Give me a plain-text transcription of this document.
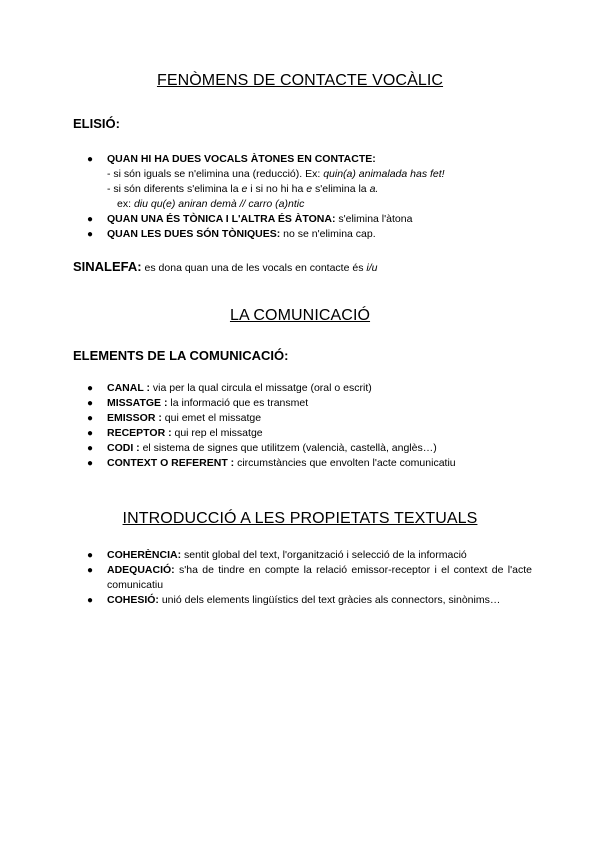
FENÒMENS DE CONTACTE VOCÀLIC
ELISIÓ:
● QUAN HI HA DUES VOCALS ÀTONES EN CONTACTE:
- si són iguals se n'elimina una (reducció). Ex: quin(a) animalada has fet!
- si són diferents s'elimina la e i si no hi ha e s'elimina la a.
ex: diu qu(e) aniran demà // carro (a)ntic
● QUAN UNA ÉS TÒNICA I L'ALTRA ÉS ÀTONA: s'elimina l'àtona
● QUAN LES DUES SÓN TÒNIQUES: no se n'elimina cap.
SINALEFA: es dona quan una de les vocals en contacte és i/u
LA COMUNICACIÓ
ELEMENTS DE LA COMUNICACIÓ:
● CANAL : via per la qual circula el missatge (oral o escrit)
● MISSATGE : la informació que es transmet
● EMISSOR : qui emet el missatge
● RECEPTOR : qui rep el missatge
● CODI : el sistema de signes que utilitzem (valencià, castellà, anglès…)
● CONTEXT O REFERENT : circumstàncies que envolten l'acte comunicatiu
INTRODUCCIÓ A LES PROPIETATS TEXTUALS
● COHERÈNCIA: sentit global del text, l'organització i selecció de la informació
● ADEQUACIÓ: s'ha de tindre en compte la relació emissor-receptor i el context de l'acte comunicatiu
● COHESIÓ: unió dels elements lingüístics del text gràcies als connectors, sinònims…
